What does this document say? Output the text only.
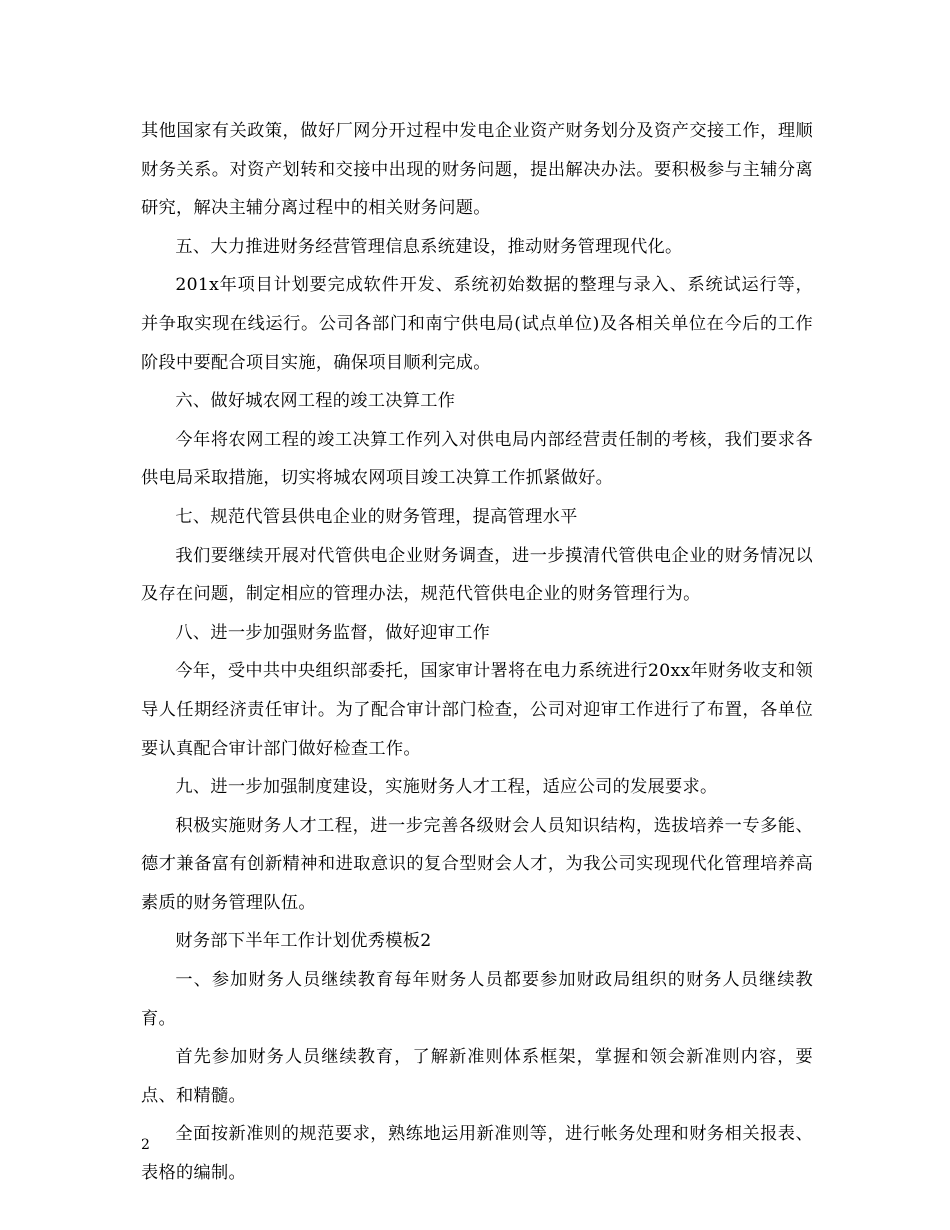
其他国家有关政策，做好厂网分开过程中发电企业资产财务划分及资产交接工作，理顺财务关系。对资产划转和交接中出现的财务问题，提出解决办法。要积极参与主辅分离研究，解决主辅分离过程中的相关财务问题。

五、大力推进财务经营管理信息系统建设，推动财务管理现代化。

201x年项目计划要完成软件开发、系统初始数据的整理与录入、系统试运行等，并争取实现在线运行。公司各部门和南宁供电局(试点单位)及各相关单位在今后的工作阶段中要配合项目实施，确保项目顺利完成。

六、做好城农网工程的竣工决算工作

今年将农网工程的竣工决算工作列入对供电局内部经营责任制的考核，我们要求各供电局采取措施，切实将城农网项目竣工决算工作抓紧做好。

七、规范代管县供电企业的财务管理，提高管理水平

我们要继续开展对代管供电企业财务调查，进一步摸清代管供电企业的财务情况以及存在问题，制定相应的管理办法，规范代管供电企业的财务管理行为。

八、进一步加强财务监督，做好迎审工作

今年，受中共中央组织部委托，国家审计署将在电力系统进行20xx年财务收支和领导人任期经济责任审计。为了配合审计部门检查，公司对迎审工作进行了布置，各单位要认真配合审计部门做好检查工作。

九、进一步加强制度建设，实施财务人才工程，适应公司的发展要求。

积极实施财务人才工程，进一步完善各级财会人员知识结构，选拔培养一专多能、德才兼备富有创新精神和进取意识的复合型财会人才，为我公司实现现代化管理培养高素质的财务管理队伍。

财务部下半年工作计划优秀模板2

一、参加财务人员继续教育每年财务人员都要参加财政局组织的财务人员继续教育。

首先参加财务人员继续教育，了解新准则体系框架，掌握和领会新准则内容，要点、和精髓。

全面按新准则的规范要求，熟练地运用新准则等，进行帐务处理和财务相关报表、表格的编制。

2
